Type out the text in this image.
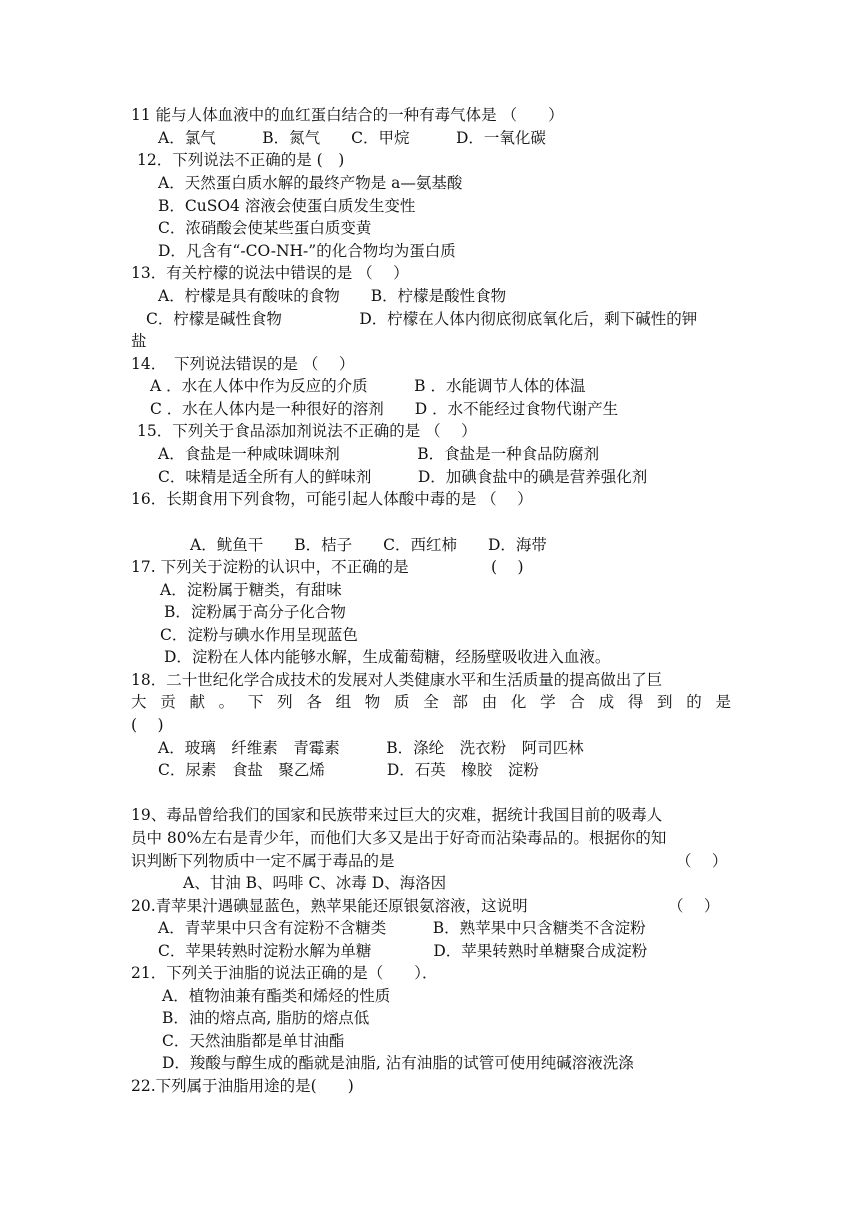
11 能与人体血液中的血红蛋白结合的一种有毒气体是 （　　）
A．氯气　　　B．氮气　　C．甲烷　　　D．一氧化碳
12．下列说法不正确的是 (　)
A．天然蛋白质水解的最终产物是 a—氨基酸
B．CuSO4 溶液会使蛋白质发生变性
C．浓硝酸会使某些蛋白质变黄
D．凡含有“-CO-NH-”的化合物均为蛋白质
13．有关柠檬的说法中错误的是 （　 ）
A．柠檬是具有酸味的食物　　B．柠檬是酸性食物
C．柠檬是碱性食物　　　　　D．柠檬在人体内彻底彻底氧化后，剩下碱性的钾
盐
14．　下列说法错误的是 （　 ）
A ．水在人体中作为反应的介质　　　B ．水能调节人体的体温
C ．水在人体内是一种很好的溶剂　　D ．水不能经过食物代谢产生
15．下列关于食品添加剂说法不正确的是 （　 ）
A．食盐是一种咸味调味剂　　　　　B．食盐是一种食品防腐剂
C．味精是适全所有人的鲜味剂　　　D．加碘食盐中的碘是营养强化剂
16．长期食用下列食物，可能引起人体酸中毒的是 （　 ）
A．鱿鱼干　　B．桔子　　C．西红柿　　D．海带
17. 下列关于淀粉的认识中，不正确的是　　　　　 (　 )
A．淀粉属于糖类，有甜味
B．淀粉属于高分子化合物
C．淀粉与碘水作用呈现蓝色
D．淀粉在人体内能够水解，生成葡萄糖，经肠壁吸收进入血液。
18．二十世纪化学合成技术的发展对人类健康水平和生活质量的提高做出了巨
大贡献。下列各组物质全部由化学合成得到的是
(　 )
A．玻璃　纤维素　青霉素　　　B．涤纶　洗衣粉　阿司匹林
C．尿素　食盐　聚乙烯　　　　D．石英　橡胶　淀粉
19、毒品曾给我们的国家和民族带来过巨大的灾难，据统计我国目前的吸毒人
员中 80%左右是青少年，而他们大多又是出于好奇而沾染毒品的。根据你的知
识判断下列物质中一定不属于毒品的是	（　 ）
A、甘油 B、吗啡 C、冰毒 D、海洛因
20.青苹果汁遇碘显蓝色，熟苹果能还原银氨溶液，这说明	（　 ）
A．青苹果中只含有淀粉不含糖类　　　B．熟苹果中只含糖类不含淀粉
C．苹果转熟时淀粉水解为单糖　　　　D．苹果转熟时单糖聚合成淀粉
21．下列关于油脂的说法正确的是（　　）．
A．植物油兼有酯类和烯烃的性质
B．油的熔点高, 脂肪的熔点低
C．天然油脂都是单甘油酯
D．羧酸与醇生成的酯就是油脂, 沾有油脂的试管可使用纯碱溶液洗涤
22.下列属于油脂用途的是(　　)
